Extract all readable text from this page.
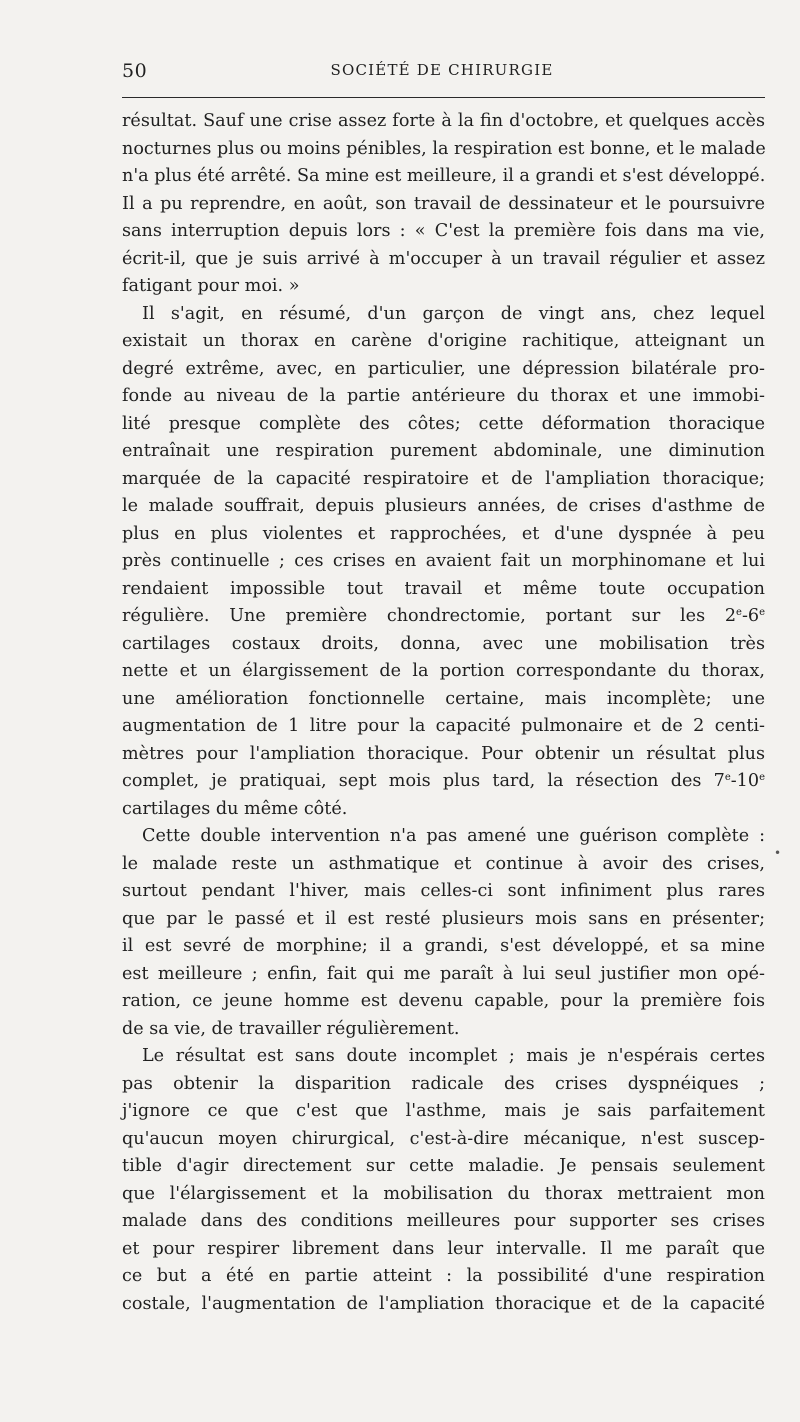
50	SOCIÉTÉ DE CHIRURGIE
résultat. Sauf une crise assez forte à la fin d'octobre, et quelques accès
nocturnes plus ou moins pénibles, la respiration est bonne, et le malade
n'a plus été arrêté. Sa mine est meilleure, il a grandi et s'est développé.
Il a pu reprendre, en août, son travail de dessinateur et le poursuivre
sans interruption depuis lors : « C'est la première fois dans ma vie,
écrit-il, que je suis arrivé à m'occuper à un travail régulier et assez
fatigant pour moi. »
Il s'agit, en résumé, d'un garçon de vingt ans, chez lequel
existait un thorax en carène d'origine rachitique, atteignant un
degré extrême, avec, en particulier, une dépression bilatérale pro-
fonde au niveau de la partie antérieure du thorax et une immobi-
lité presque complète des côtes; cette déformation thoracique
entraînait une respiration purement abdominale, une diminution
marquée de la capacité respiratoire et de l'ampliation thoracique;
le malade souffrait, depuis plusieurs années, de crises d'asthme de
plus en plus violentes et rapprochées, et d'une dyspnée à peu
près continuelle ; ces crises en avaient fait un morphinomane et lui
rendaient impossible tout travail et même toute occupation
régulière. Une première chondrectomie, portant sur les 2e-6e
cartilages costaux droits, donna, avec une mobilisation très
nette et un élargissement de la portion correspondante du thorax,
une amélioration fonctionnelle certaine, mais incomplète; une
augmentation de 1 litre pour la capacité pulmonaire et de 2 centi-
mètres pour l'ampliation thoracique. Pour obtenir un résultat plus
complet, je pratiquai, sept mois plus tard, la résection des 7e-10e
cartilages du même côté.
Cette double intervention n'a pas amené une guérison complète :
le malade reste un asthmatique et continue à avoir des crises,
surtout pendant l'hiver, mais celles-ci sont infiniment plus rares
que par le passé et il est resté plusieurs mois sans en présenter;
il est sevré de morphine; il a grandi, s'est développé, et sa mine
est meilleure ; enfin, fait qui me paraît à lui seul justifier mon opé-
ration, ce jeune homme est devenu capable, pour la première fois
de sa vie, de travailler régulièrement.
Le résultat est sans doute incomplet ; mais je n'espérais certes
pas obtenir la disparition radicale des crises dyspnéiques ;
j'ignore ce que c'est que l'asthme, mais je sais parfaitement
qu'aucun moyen chirurgical, c'est-à-dire mécanique, n'est suscep-
tible d'agir directement sur cette maladie. Je pensais seulement
que l'élargissement et la mobilisation du thorax mettraient mon
malade dans des conditions meilleures pour supporter ses crises
et pour respirer librement dans leur intervalle. Il me paraît que
ce but a été en partie atteint : la possibilité d'une respiration
costale, l'augmentation de l'ampliation thoracique et de la capacité
•
